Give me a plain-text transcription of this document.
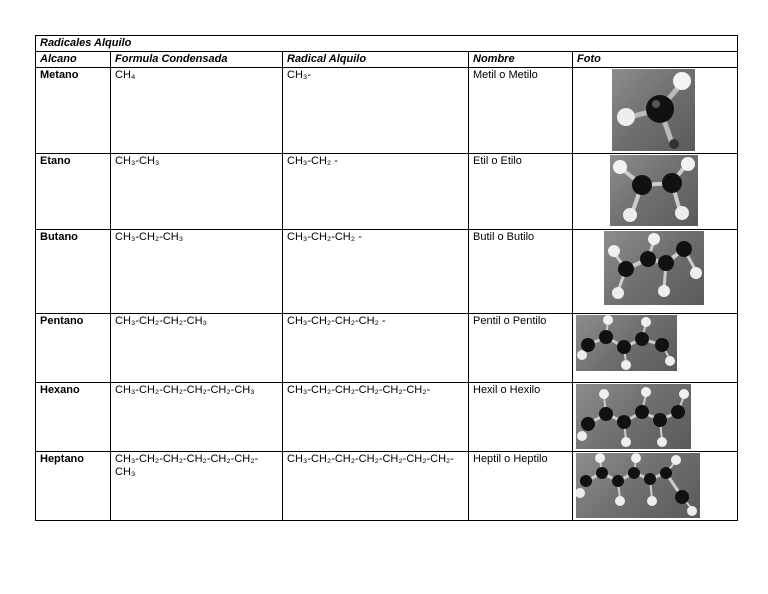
Radicales Alquilo				
Alcano	Formula Condensada	Radical Alquilo	Nombre	Foto
Metano	CH₄	CH₃-	Metil o Metilo	

Etano	CH₃-CH₃	CH₃-CH₂ -	Etil o Etilo	

Butano	CH₃-CH₂-CH₃	CH₃-CH₂-CH₂ -	Butil o Butilo	

Pentano	CH₃-CH₂-CH₂-CH₃	CH₃-CH₂-CH₂-CH₂ -	Pentil o Pentilo	

Hexano	CH₃-CH₂-CH₂-CH₂-CH₂-CH₃	CH₃-CH₂-CH₂-CH₂-CH₂-CH₂-	Hexil o Hexilo	

Heptano	CH₃-CH₂-CH₂-CH₂-CH₂-CH₂-CH₃	CH₃-CH₂-CH₂-CH₂-CH₂-CH₂-CH₂-	Heptil o Heptilo	
